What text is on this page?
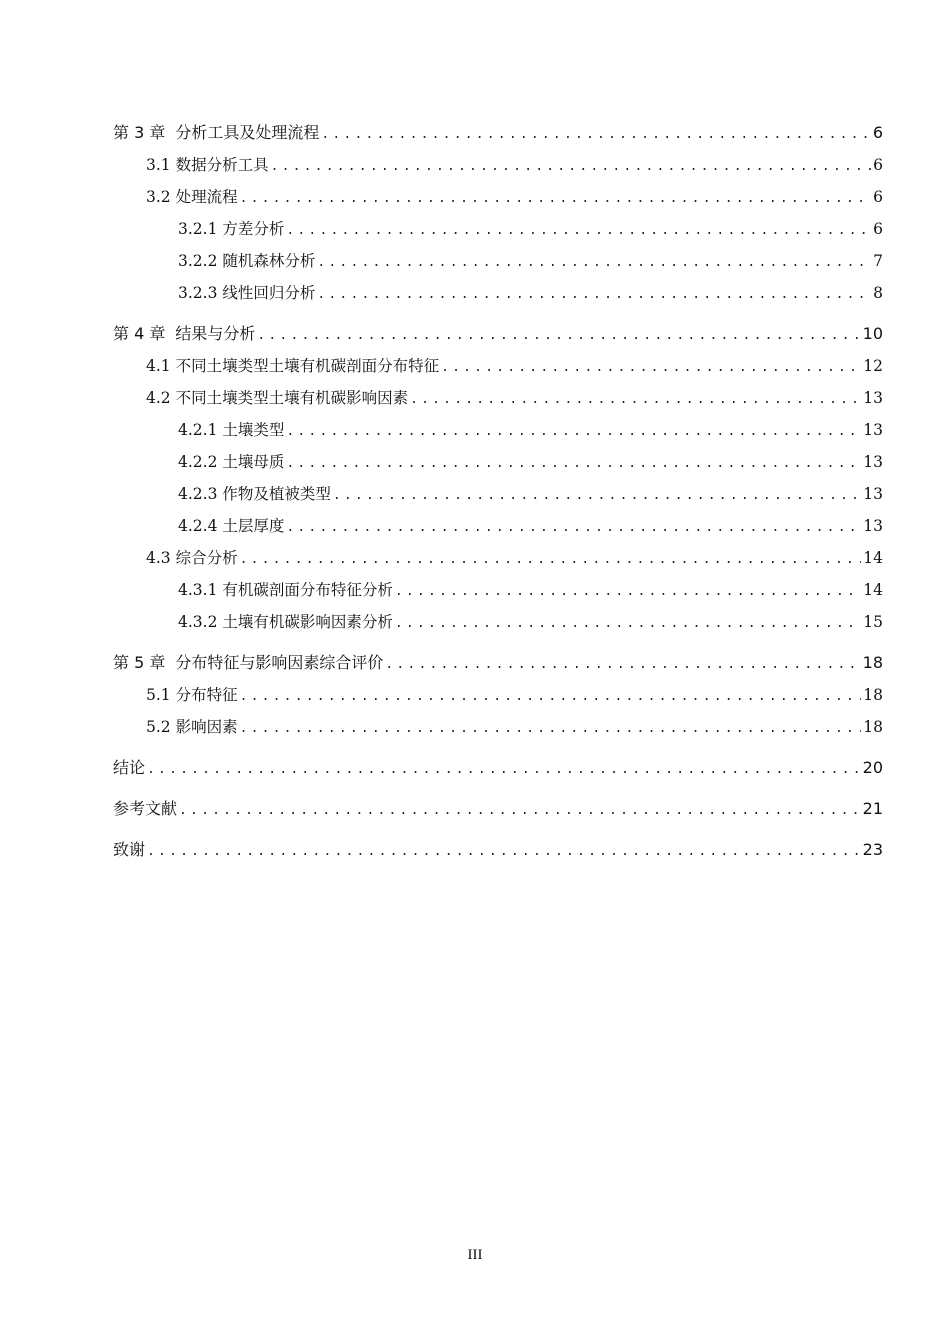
第 3 章 分析工具及处理流程 .....	6
3.1 数据分析工具 .....	6
3.2 处理流程 .....	6
3.2.1 方差分析 .....	6
3.2.2 随机森林分析 .....	7
3.2.3 线性回归分析 .....	8
第 4 章 结果与分析 .....	10
4.1 不同土壤类型土壤有机碳剖面分布特征 .....	12
4.2 不同土壤类型土壤有机碳影响因素 .....	13
4.2.1 土壤类型 .....	13
4.2.2 土壤母质 .....	13
4.2.3 作物及植被类型 .....	13
4.2.4 土层厚度 .....	13
4.3 综合分析 .....	14
4.3.1 有机碳剖面分布特征分析 .....	14
4.3.2 土壤有机碳影响因素分析 .....	15
第 5 章 分布特征与影响因素综合评价 .....	18
5.1 分布特征 .....	18
5.2 影响因素 .....	18
结论 .....	20
参考文献 .....	21
致谢 .....	23
III
